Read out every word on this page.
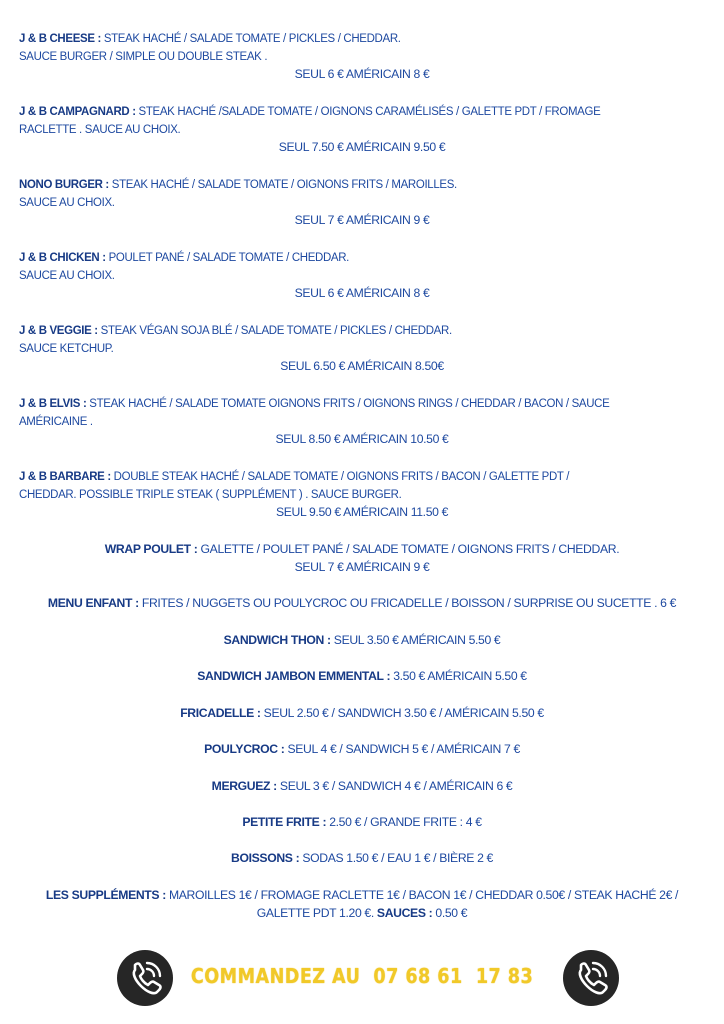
J & B CHEESE : STEAK HACHÉ / SALADE TOMATE / PICKLES / CHEDDAR.
SAUCE BURGER / SIMPLE OU DOUBLE STEAK .
SEUL 6 € AMÉRICAIN 8 €
J & B CAMPAGNARD : STEAK HACHÉ /SALADE TOMATE / OIGNONS CARAMÉLISÉS / GALETTE PDT / FROMAGE
RACLETTE . SAUCE AU CHOIX.
SEUL 7.50 € AMÉRICAIN 9.50 €
NONO BURGER : STEAK HACHÉ / SALADE TOMATE / OIGNONS FRITS / MAROILLES.
SAUCE AU CHOIX.
SEUL 7 € AMÉRICAIN 9 €
J & B CHICKEN : POULET PANÉ / SALADE TOMATE / CHEDDAR.
SAUCE AU CHOIX.
SEUL 6 € AMÉRICAIN 8 €
J & B VEGGIE : STEAK VÉGAN SOJA BLÉ / SALADE TOMATE / PICKLES / CHEDDAR.
SAUCE KETCHUP.
SEUL 6.50 € AMÉRICAIN 8.50€
J & B ELVIS : STEAK HACHÉ / SALADE TOMATE OIGNONS FRITS / OIGNONS RINGS / CHEDDAR / BACON / SAUCE
AMÉRICAINE .
SEUL 8.50 € AMÉRICAIN 10.50 €
J & B BARBARE : DOUBLE STEAK HACHÉ / SALADE TOMATE / OIGNONS FRITS / BACON / GALETTE PDT /
CHEDDAR. POSSIBLE TRIPLE STEAK ( SUPPLÉMENT ) . SAUCE BURGER.
SEUL 9.50 € AMÉRICAIN 11.50 €
WRAP POULET : GALETTE / POULET PANÉ / SALADE TOMATE / OIGNONS FRITS / CHEDDAR.
SEUL 7 € AMÉRICAIN 9 €
MENU ENFANT : FRITES / NUGGETS OU POULYCROC OU FRICADELLE / BOISSON / SURPRISE OU SUCETTE . 6 €
SANDWICH THON : SEUL 3.50 € AMÉRICAIN 5.50 €
SANDWICH JAMBON EMMENTAL : 3.50 € AMÉRICAIN 5.50 €
FRICADELLE : SEUL 2.50 € / SANDWICH 3.50 € / AMÉRICAIN 5.50 €
POULYCROC : SEUL 4 € / SANDWICH 5 € / AMÉRICAIN 7 €
MERGUEZ : SEUL 3 € / SANDWICH 4 € / AMÉRICAIN 6 €
PETITE FRITE : 2.50 € / GRANDE FRITE : 4 €
BOISSONS : SODAS 1.50 € / EAU 1 € / BIÈRE 2 €
LES SUPPLÉMENTS : MAROILLES 1€ / FROMAGE RACLETTE 1€ / BACON 1€ / CHEDDAR 0.50€ / STEAK HACHÉ 2€ /
GALETTE PDT 1.20 €. SAUCES : 0.50 €
COMMANDEZ AU  07 68 61  17 83
